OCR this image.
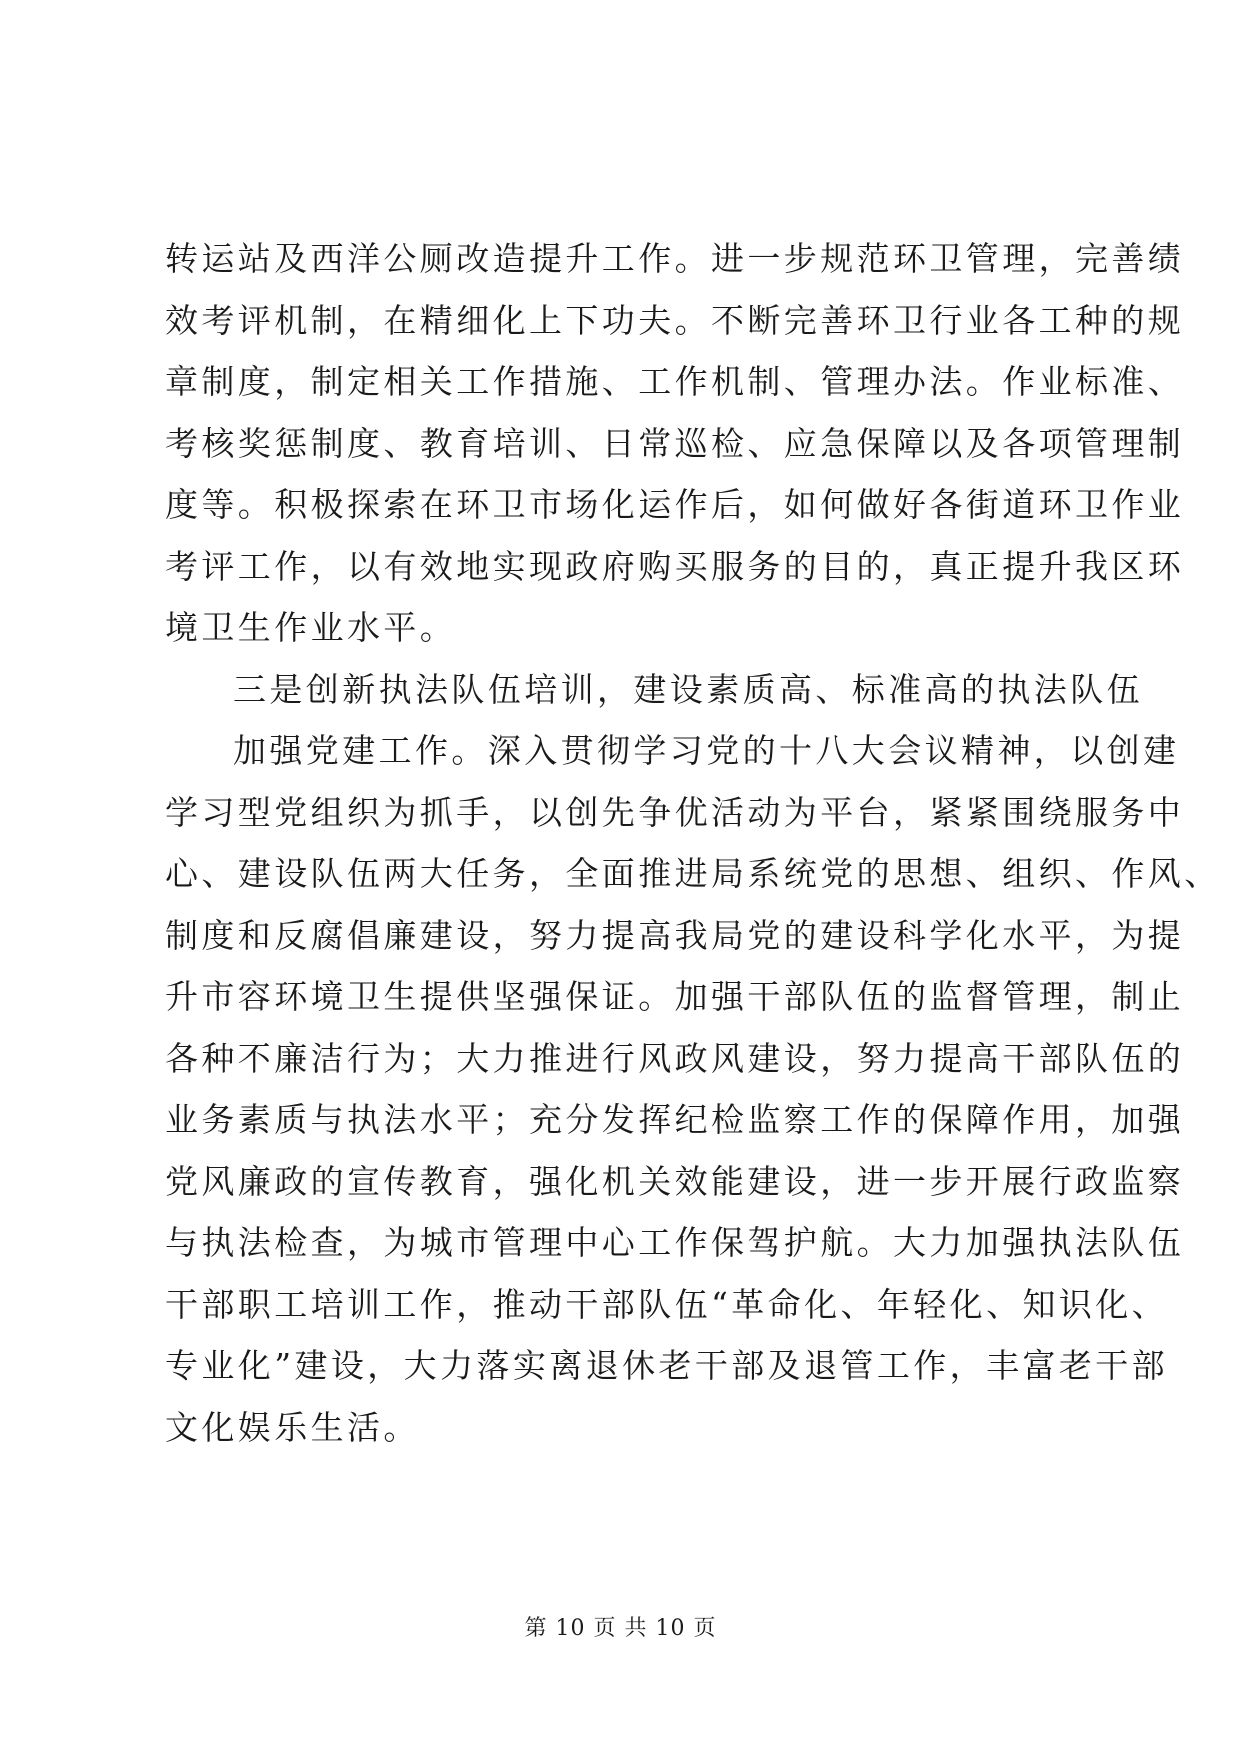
转运站及西洋公厕改造提升工作。进一步规范环卫管理，完善绩
效考评机制，在精细化上下功夫。不断完善环卫行业各工种的规
章制度，制定相关工作措施、工作机制、管理办法。作业标准、
考核奖惩制度、教育培训、日常巡检、应急保障以及各项管理制
度等。积极探索在环卫市场化运作后，如何做好各街道环卫作业
考评工作，以有效地实现政府购买服务的目的，真正提升我区环
境卫生作业水平。
三是创新执法队伍培训，建设素质高、标准高的执法队伍
加强党建工作。深入贯彻学习党的十八大会议精神，以创建
学习型党组织为抓手，以创先争优活动为平台，紧紧围绕服务中
心、建设队伍两大任务，全面推进局系统党的思想、组织、作风、
制度和反腐倡廉建设，努力提高我局党的建设科学化水平，为提
升市容环境卫生提供坚强保证。加强干部队伍的监督管理，制止
各种不廉洁行为；大力推进行风政风建设，努力提高干部队伍的
业务素质与执法水平；充分发挥纪检监察工作的保障作用，加强
党风廉政的宣传教育，强化机关效能建设，进一步开展行政监察
与执法检查，为城市管理中心工作保驾护航。大力加强执法队伍
干部职工培训工作，推动干部队伍“革命化、年轻化、知识化、
专业化”建设，大力落实离退休老干部及退管工作，丰富老干部
文化娱乐生活。
第 10 页 共 10 页
